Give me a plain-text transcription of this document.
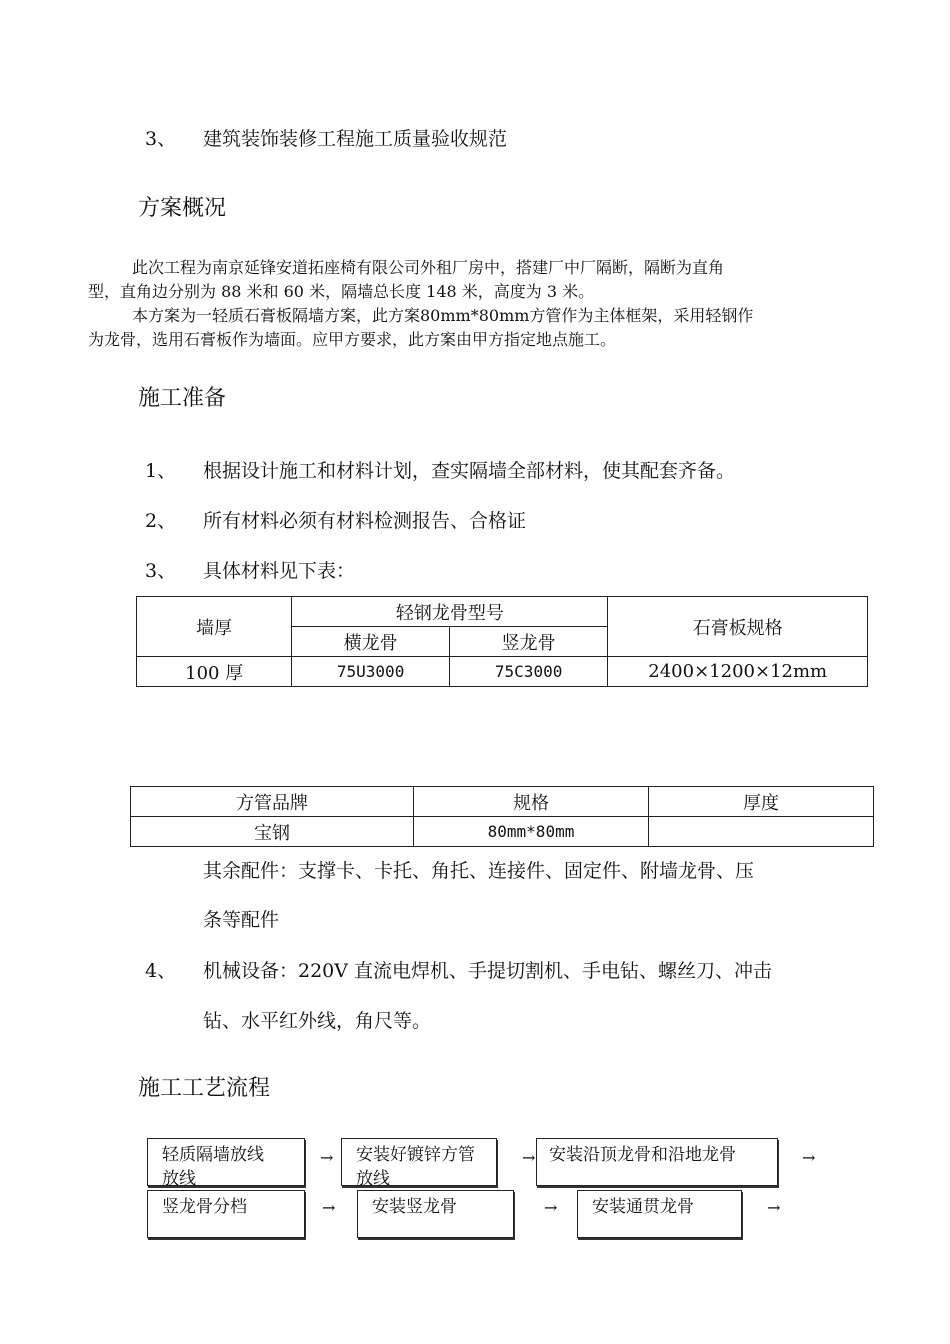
3、 建筑装饰装修工程施工质量验收规范
方案概况
此次工程为南京延锋安道拓座椅有限公司外租厂房中，搭建厂中厂隔断，隔断为直角
型，直角边分别为 88 米和 60 米，隔墙总长度 148 米，高度为 3 米。
本方案为一轻质石膏板隔墙方案，此方案80mm*80mm方管作为主体框架，采用轻钢作
为龙骨，选用石膏板作为墙面。应甲方要求，此方案由甲方指定地点施工。
施工准备
1、 根据设计施工和材料计划，查实隔墙全部材料，使其配套齐备。
2、 所有材料必须有材料检测报告、合格证
3、 具体材料见下表：
墙厚	轻钢龙骨型号		石膏板规格
	横龙骨	竖龙骨	
100 厚	75U3000	75C3000	2400×1200×12mm
方管品牌	规格	厚度
宝钢	80mm*80mm	
其余配件：支撑卡、卡托、角托、连接件、固定件、附墙龙骨、压
条等配件
4、 机械设备：220V 直流电焊机、手提切割机、手电钻、螺丝刀、冲击
钻、水平红外线，角尺等。
施工工艺流程
轻质隔墙放线
放线
→ 安装好镀锌方管
放线
→ 安装沿顶龙骨和沿地龙骨	→
竖龙骨分档	→ 安装竖龙骨	→ 安装通贯龙骨	→
